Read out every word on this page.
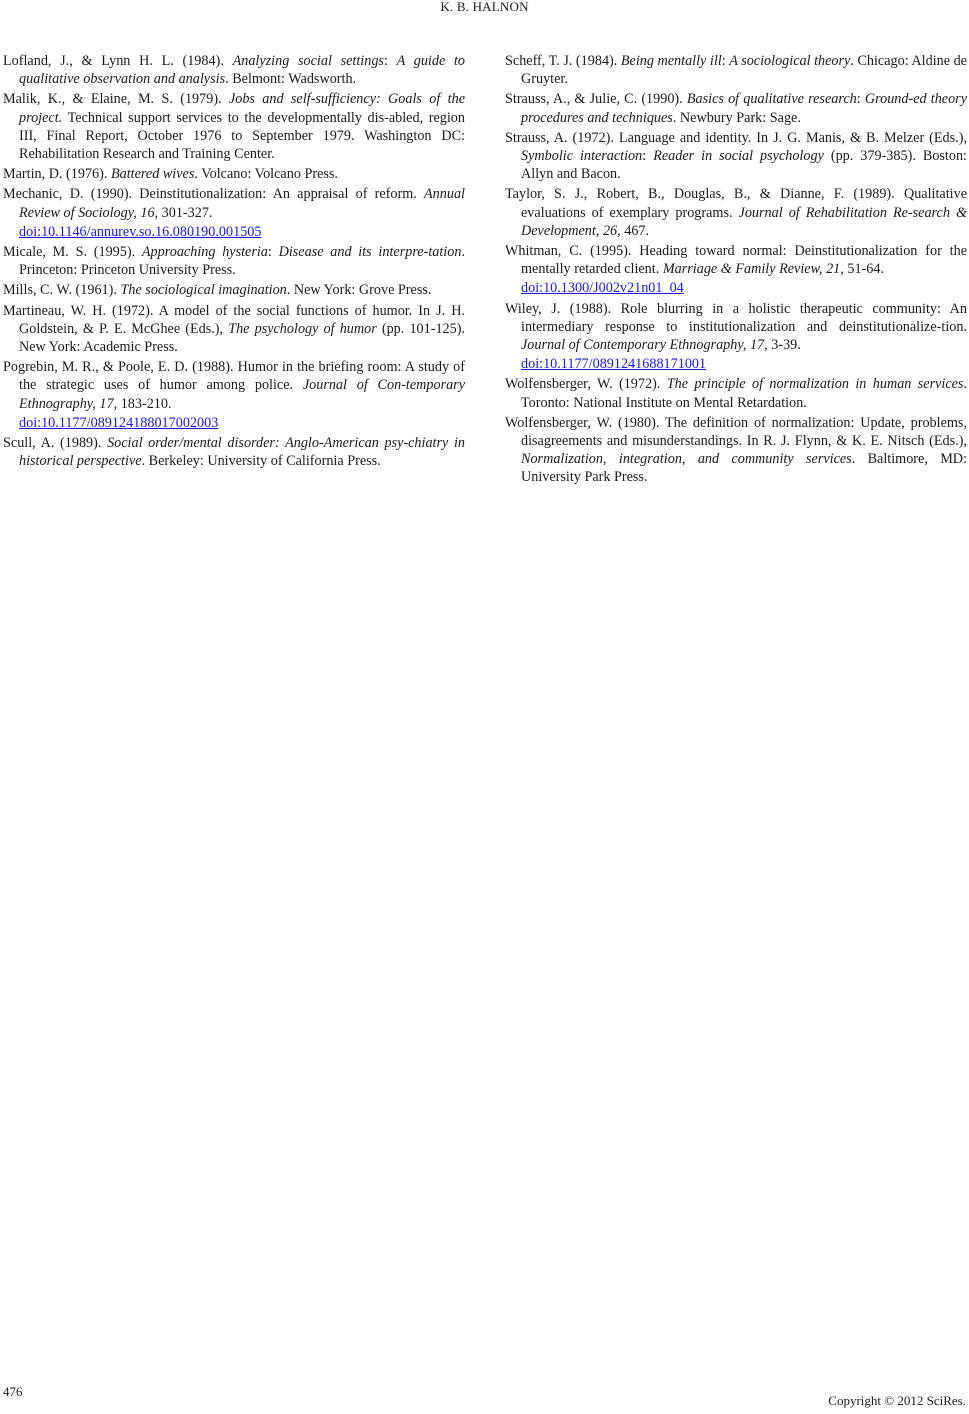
K. B. HALNON

Lofland, J., & Lynn H. L. (1984). Analyzing social settings: A guide to qualitative observation and analysis. Belmont: Wadsworth.

Malik, K., & Elaine, M. S. (1979). Jobs and self-sufficiency: Goals of the project. Technical support services to the developmentally dis-abled, region III, Final Report, October 1976 to September 1979. Washington DC: Rehabilitation Research and Training Center.

Martin, D. (1976). Battered wives. Volcano: Volcano Press.

Mechanic, D. (1990). Deinstitutionalization: An appraisal of reform. Annual Review of Sociology, 16, 301-327.
doi:10.1146/annurev.so.16.080190.001505

Micale, M. S. (1995). Approaching hysteria: Disease and its interpre-tation. Princeton: Princeton University Press.

Mills, C. W. (1961). The sociological imagination. New York: Grove Press.

Martineau, W. H. (1972). A model of the social functions of humor. In J. H. Goldstein, & P. E. McGhee (Eds.), The psychology of humor (pp. 101-125). New York: Academic Press.

Pogrebin, M. R., & Poole, E. D. (1988). Humor in the briefing room: A study of the strategic uses of humor among police. Journal of Con-temporary Ethnography, 17, 183-210.
doi:10.1177/089124188017002003

Scull, A. (1989). Social order/mental disorder: Anglo-American psy-chiatry in historical perspective. Berkeley: University of California Press.

Scheff, T. J. (1984). Being mentally ill: A sociological theory. Chicago: Aldine de Gruyter.

Strauss, A., & Julie, C. (1990). Basics of qualitative research: Ground-ed theory procedures and techniques. Newbury Park: Sage.

Strauss, A. (1972). Language and identity. In J. G. Manis, & B. Melzer (Eds.), Symbolic interaction: Reader in social psychology (pp. 379-385). Boston: Allyn and Bacon.

Taylor, S. J., Robert, B., Douglas, B., & Dianne, F. (1989). Qualitative evaluations of exemplary programs. Journal of Rehabilitation Re-search & Development, 26, 467.

Whitman, C. (1995). Heading toward normal: Deinstitutionalization for the mentally retarded client. Marriage & Family Review, 21, 51-64.
doi:10.1300/J002v21n01_04

Wiley, J. (1988). Role blurring in a holistic therapeutic community: An intermediary response to institutionalization and deinstitutionalize-tion. Journal of Contemporary Ethnography, 17, 3-39.
doi:10.1177/0891241688171001

Wolfensberger, W. (1972). The principle of normalization in human services. Toronto: National Institute on Mental Retardation.

Wolfensberger, W. (1980). The definition of normalization: Update, problems, disagreements and misunderstandings. In R. J. Flynn, & K. E. Nitsch (Eds.), Normalization, integration, and community services. Baltimore, MD: University Park Press.

476
Copyright © 2012 SciRes.
